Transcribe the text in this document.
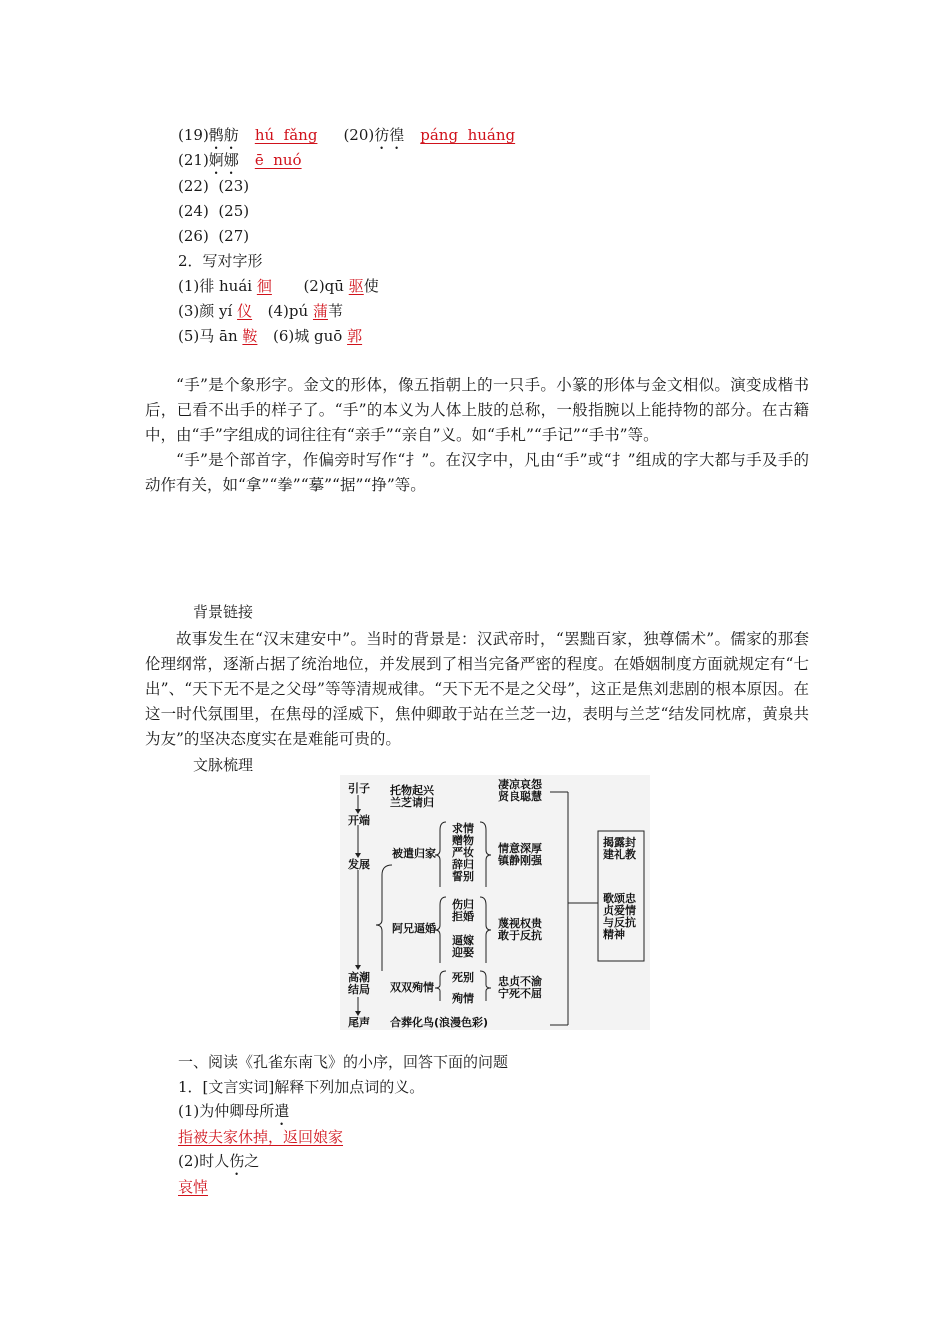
(19)鹘舫 hú  fǎng (20)彷徨 páng  huáng
(21)婀娜 ē  nuó
(22)  (23)
(24)  (25)
(26)  (27)
2．写对字形
(1)徘 huái 徊 (2)qū 驱使
(3)颜 yí 仪 (4)pú 蒲苇
(5)马 ān 鞍 (6)城 guō 郭

“手”是个象形字。金文的形体，像五指朝上的一只手。小篆的形体与金文相似。演变成楷书后，已看不出手的样子了。“手”的本义为人体上肢的总称，一般指腕以上能持物的部分。在古籍中，由“手”字组成的词往往有“亲手”“亲自”义。如“手札”“手记”“手书”等。

“手”是个部首字，作偏旁时写作“扌”。在汉字中，凡由“手”或“扌”组成的字大都与手及手的动作有关，如“拿”“拳”“摹”“据”“挣”等。

背景链接

故事发生在“汉末建安中”。当时的背景是：汉武帝时，“罢黜百家，独尊儒术”。儒家的那套伦理纲常，逐渐占据了统治地位，并发展到了相当完备严密的程度。在婚姻制度方面就规定有“七出”、“天下无不是之父母”等等清规戒律。“天下无不是之父母”，这正是焦刘悲剧的根本原因。在这一时代氛围里，在焦母的淫威下，焦仲卿敢于站在兰芝一边，表明与兰芝“结发同枕席，黄泉共为友”的坚决态度实在是难能可贵的。

文脉梳理
引子
开端
发展
高潮
结局
尾声
托物起兴
兰芝请归
凄凉哀怨
贤良聪慧
被遣归家
求情
赠物
严妆
辞归
誓别
情意深厚
镇静刚强
阿兄逼婚
伤归
拒婚
逼嫁
迎娶
蔑视权贵
敢于反抗
双双殉情
死别
殉情
忠贞不渝
宁死不屈
合葬化鸟(浪漫色彩)
揭露封
建礼教
歌颂忠
贞爱情
与反抗
精神
一、阅读《孔雀东南飞》的小序，回答下面的问题
1．[文言实词]解释下列加点词的义。
(1)为仲卿母所遣
指被夫家休掉，返回娘家
(2)时人伤之
哀悼
